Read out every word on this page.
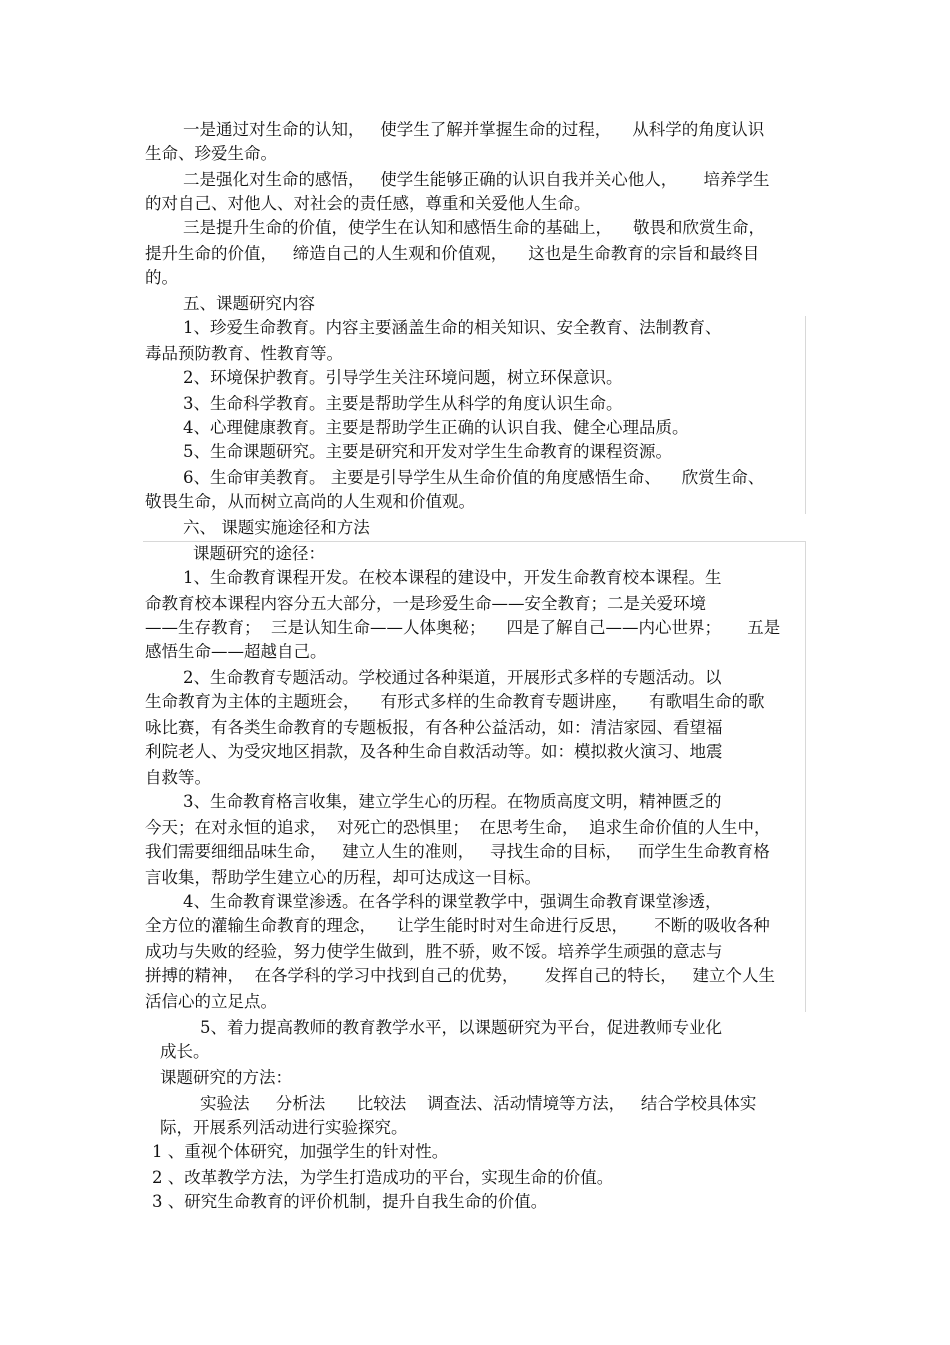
一是通过对生命的认知，   使学生了解并掌握生命的过程，    从科学的角度认识
生命、珍爱生命。
二是强化对生命的感悟，   使学生能够正确的认识自我并关心他人，     培养学生
的对自己、对他人、对社会的责任感，尊重和关爱他人生命。
三是提升生命的价值，使学生在认知和感悟生命的基础上，    敬畏和欣赏生命，
提升生命的价值，   缔造自己的人生观和价值观，    这也是生命教育的宗旨和最终目
的。
五、课题研究内容
1、珍爱生命教育。内容主要涵盖生命的相关知识、安全教育、法制教育、
毒品预防教育、性教育等。
2、环境保护教育。引导学生关注环境问题，树立环保意识。
3、生命科学教育。主要是帮助学生从科学的角度认识生命。
4、心理健康教育。主要是帮助学生正确的认识自我、健全心理品质。
5、生命课题研究。主要是研究和开发对学生生命教育的课程资源。
6、生命审美教育。 主要是引导学生从生命价值的角度感悟生命、    欣赏生命、
敬畏生命，从而树立高尚的人生观和价值观。
六、 课题实施途径和方法
课题研究的途径：
1、生命教育课程开发。在校本课程的建设中，开发生命教育校本课程。生
命教育校本课程内容分五大部分，一是珍爱生命——安全教育；二是关爱环境
——生存教育；  三是认知生命——人体奥秘；    四是了解自己——内心世界；     五是
感悟生命——超越自己。
2、生命教育专题活动。学校通过各种渠道，开展形式多样的专题活动。以
生命教育为主体的主题班会，    有形式多样的生命教育专题讲座，    有歌唱生命的歌
咏比赛，有各类生命教育的专题板报，有各种公益活动，如：清洁家园、看望福
利院老人、为受灾地区捐款，及各种生命自救活动等。如：模拟救火演习、地震
自救等。
3、生命教育格言收集，建立学生心的历程。在物质高度文明，精神匮乏的
今天；在对永恒的追求，  对死亡的恐惧里；  在思考生命，  追求生命价值的人生中，
我们需要细细品味生命，   建立人生的准则，   寻找生命的目标，   而学生生命教育格
言收集，帮助学生建立心的历程，却可达成这一目标。
4、生命教育课堂渗透。在各学科的课堂教学中，强调生命教育课堂渗透，
全方位的灌输生命教育的理念，    让学生能时时对生命进行反思，     不断的吸收各种
成功与失败的经验，努力使学生做到，胜不骄，败不馁。培养学生顽强的意志与
拼搏的精神，  在各学科的学习中找到自己的优势，     发挥自己的特长，   建立个人生
活信心的立足点。
5、着力提高教师的教育教学水平，以课题研究为平台，促进教师专业化
成长。
课题研究的方法：
实验法     分析法      比较法    调查法、活动情境等方法，   结合学校具体实
际，开展系列活动进行实验探究。
1 、重视个体研究，加强学生的针对性。
2 、改革教学方法，为学生打造成功的平台，实现生命的价值。
3 、研究生命教育的评价机制，提升自我生命的价值。
